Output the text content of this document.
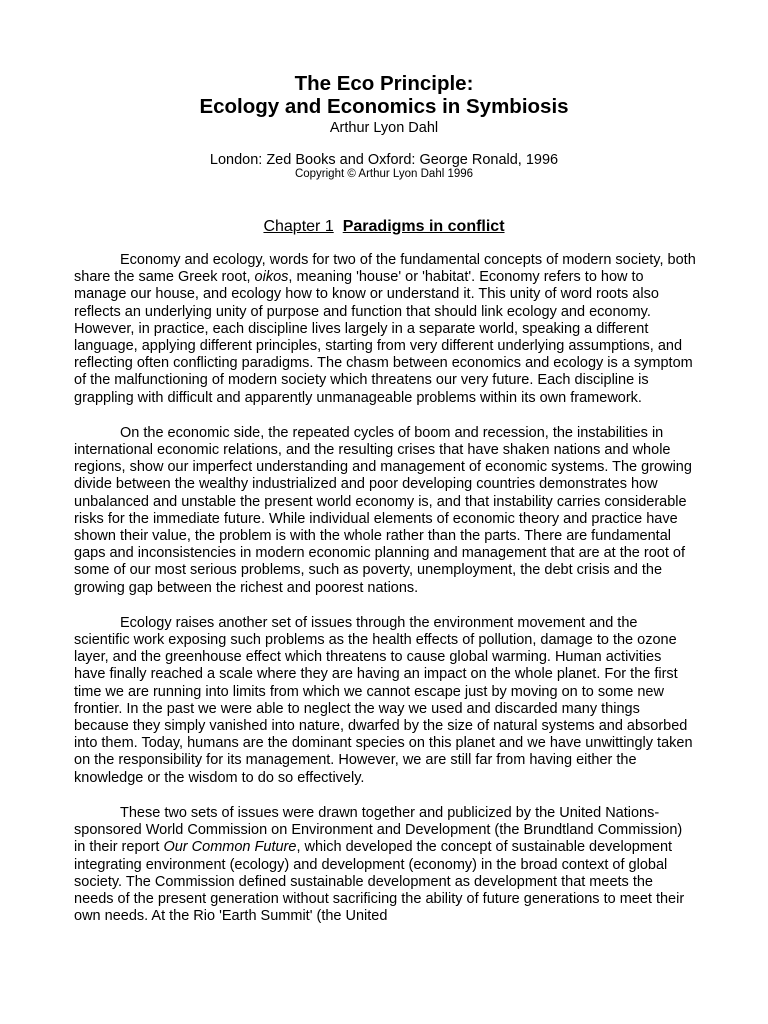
The Eco Principle:
Ecology and Economics in Symbiosis
Arthur Lyon Dahl
London: Zed Books and Oxford: George Ronald, 1996
Copyright © Arthur Lyon Dahl 1996
Chapter 1 Paradigms in conflict

Economy and ecology, words for two of the fundamental concepts of modern society, both share the same Greek root, oikos, meaning 'house' or 'habitat'. Economy refers to how to manage our house, and ecology how to know or understand it. This unity of word roots also reflects an underlying unity of purpose and function that should link ecology and economy. However, in practice, each discipline lives largely in a separate world, speaking a different language, applying different principles, starting from very different underlying assumptions, and reflecting often conflicting paradigms. The chasm between economics and ecology is a symptom of the malfunctioning of modern society which threatens our very future. Each discipline is grappling with difficult and apparently unmanageable problems within its own framework.

On the economic side, the repeated cycles of boom and recession, the instabilities in international economic relations, and the resulting crises that have shaken nations and whole regions, show our imperfect understanding and management of economic systems. The growing divide between the wealthy industrialized and poor developing countries demonstrates how unbalanced and unstable the present world economy is, and that instability carries considerable risks for the immediate future. While individual elements of economic theory and practice have shown their value, the problem is with the whole rather than the parts. There are fundamental gaps and inconsistencies in modern economic planning and management that are at the root of some of our most serious problems, such as poverty, unemployment, the debt crisis and the growing gap between the richest and poorest nations.

Ecology raises another set of issues through the environment movement and the scientific work exposing such problems as the health effects of pollution, damage to the ozone layer, and the greenhouse effect which threatens to cause global warming. Human activities have finally reached a scale where they are having an impact on the whole planet. For the first time we are running into limits from which we cannot escape just by moving on to some new frontier. In the past we were able to neglect the way we used and discarded many things because they simply vanished into nature, dwarfed by the size of natural systems and absorbed into them. Today, humans are the dominant species on this planet and we have unwittingly taken on the responsibility for its management. However, we are still far from having either the knowledge or the wisdom to do so effectively.

These two sets of issues were drawn together and publicized by the United Nations- sponsored World Commission on Environment and Development (the Brundtland Commission) in their report Our Common Future, which developed the concept of sustainable development integrating environment (ecology) and development (economy) in the broad context of global society. The Commission defined sustainable development as development that meets the needs of the present generation without sacrificing the ability of future generations to meet their own needs. At the Rio 'Earth Summit' (the United
